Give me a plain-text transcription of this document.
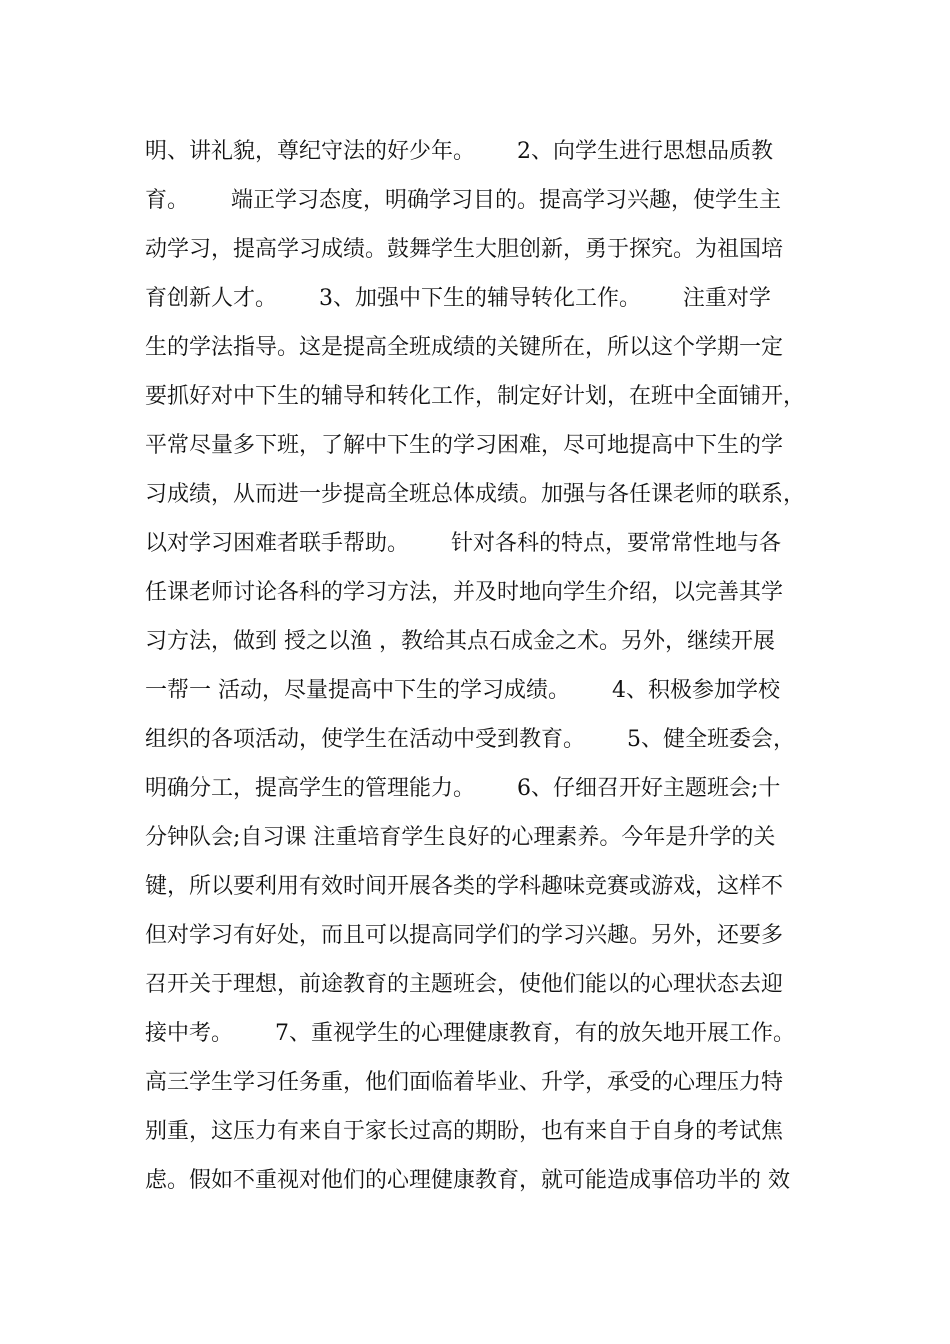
明、讲礼貌，尊纪守法的好少年。      2、向学生进行思想品质教
育。      端正学习态度，明确学习目的。提高学习兴趣，使学生主
动学习，提高学习成绩。鼓舞学生大胆创新，勇于探究。为祖国培
育创新人才。      3、加强中下生的辅导转化工作。      注重对学
生的学法指导。这是提高全班成绩的关键所在，所以这个学期一定
要抓好对中下生的辅导和转化工作，制定好计划，在班中全面铺开，
平常尽量多下班，了解中下生的学习困难，尽可地提高中下生的学
习成绩，从而进一步提高全班总体成绩。加强与各任课老师的联系，
以对学习困难者联手帮助。      针对各科的特点，要常常性地与各
任课老师讨论各科的学习方法，并及时地向学生介绍，以完善其学
习方法，做到 授之以渔 ，教给其点石成金之术。另外，继续开展
一帮一 活动，尽量提高中下生的学习成绩。      4、积极参加学校
组织的各项活动，使学生在活动中受到教育。      5、健全班委会，
明确分工，提高学生的管理能力。      6、仔细召开好主题班会;十
分钟队会;自习课 注重培育学生良好的心理素养。今年是升学的关
键，所以要利用有效时间开展各类的学科趣味竞赛或游戏，这样不
但对学习有好处，而且可以提高同学们的学习兴趣。另外，还要多
召开关于理想，前途教育的主题班会，使他们能以的心理状态去迎
接中考。      7、重视学生的心理健康教育，有的放矢地开展工作。
高三学生学习任务重，他们面临着毕业、升学，承受的心理压力特
别重，这压力有来自于家长过高的期盼，也有来自于自身的考试焦
虑。假如不重视对他们的心理健康教育，就可能造成事倍功半的 效
